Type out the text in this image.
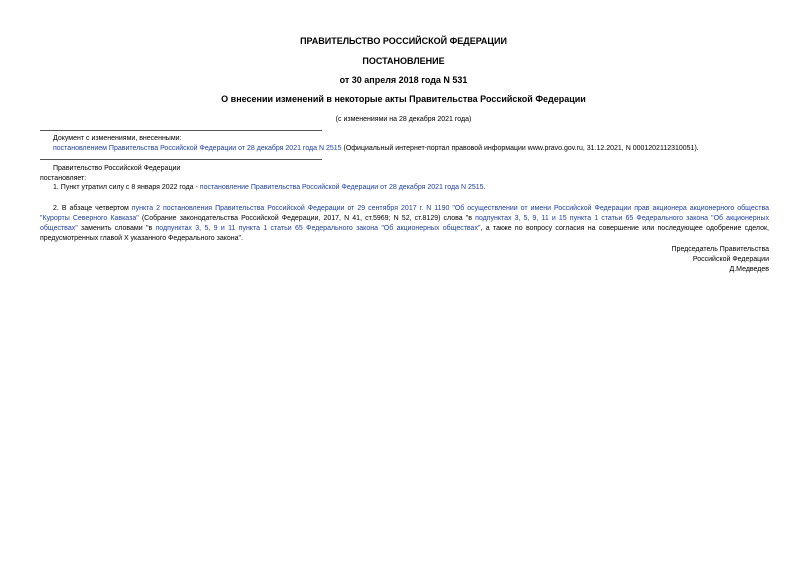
ПРАВИТЕЛЬСТВО РОССИЙСКОЙ ФЕДЕРАЦИИ
ПОСТАНОВЛЕНИЕ
от 30 апреля 2018 года N 531
О внесении изменений в некоторые акты Правительства Российской Федерации
(с изменениями на 28 декабря 2021 года)
Документ с изменениями, внесенными:
постановлением Правительства Российской Федерации от 28 декабря 2021 года N 2515 (Официальный интернет-портал правовой информации www.pravo.gov.ru, 31.12.2021, N 0001202112310051).
Правительство Российской Федерации
постановляет:
1. Пункт утратил силу с 8 января 2022 года - постановление Правительства Российской Федерации от 28 декабря 2021 года N 2515.
2. В абзаце четвертом пункта 2 постановления Правительства Российской Федерации от 29 сентября 2017 г. N 1190 "Об осуществлении от имени Российской Федерации прав акционера акционерного общества "Курорты Северного Кавказа" (Собрание законодательства Российской Федерации, 2017, N 41, ст.5969; N 52, ст.8129) слова "в подпунктах 3, 5, 9, 11 и 15 пункта 1 статьи 65 Федерального закона "Об акционерных обществах" заменить словами "в подпунктах 3, 5, 9 и 11 пункта 1 статьи 65 Федерального закона "Об акционерных обществах", а также по вопросу согласия на совершение или последующее одобрение сделок, предусмотренных главой X указанного Федерального закона".
Председатель Правительства
Российской Федерации
Д.Медведев
